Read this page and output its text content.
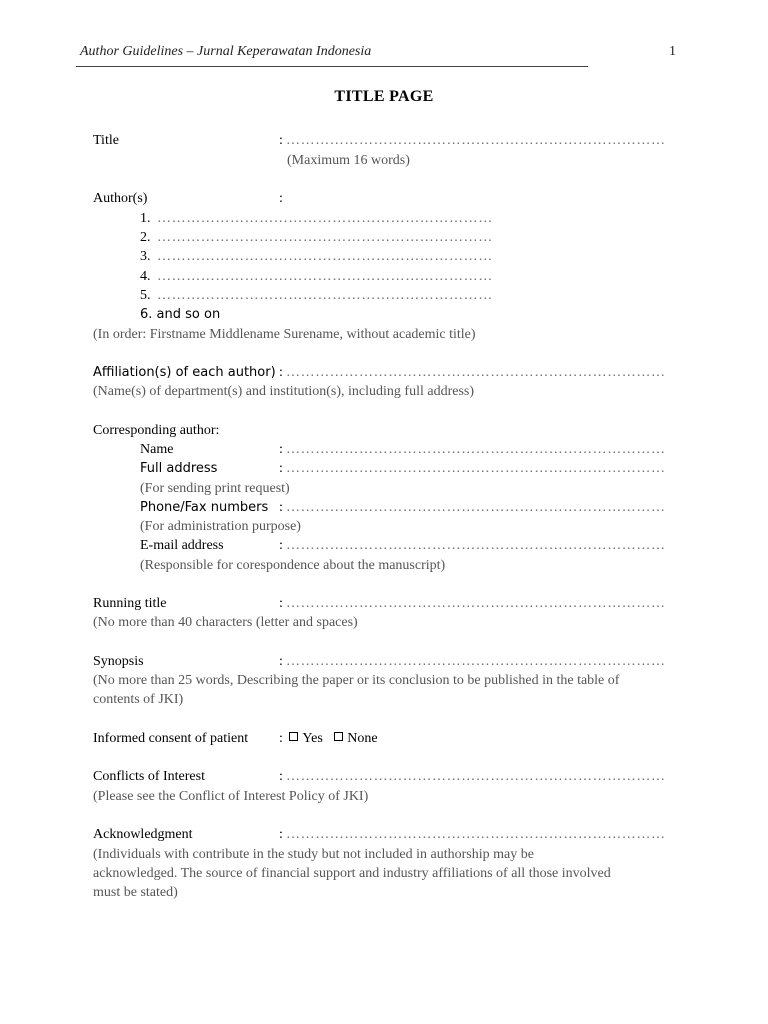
Author Guidelines – Jurnal Keperawatan Indonesia	1
TITLE PAGE
Title	: ……………………………………………………………………
(Maximum 16 words)
Author(s)	:
1. ……………………………………………………………
2. ……………………………………………………………
3. ……………………………………………………………
4. ……………………………………………………………
5. ……………………………………………………………
6. and so on
(In order: Firstname Middlename Surename, without academic title)
Affiliation(s) of each author) : ……………………………………………………………………
(Name(s) of department(s) and institution(s), including full address)
Corresponding author:
Name	: ……………………………………………………………………
Full address	: ……………………………………………………………………
(For sending print request)
Phone/Fax numbers : ……………………………………………………………………
(For administration purpose)
E-mail address	: ……………………………………………………………………
(Responsible for corespondence about the manuscript)
Running title	: ……………………………………………………………………
(No more than 40 characters (letter and spaces)
Synopsis	: ……………………………………………………………………
(No more than 25 words, Describing the paper or its conclusion to be published in the table of
contents of JKI)
Informed consent of patient : Yes None
Conflicts of Interest	: ……………………………………………………………………
(Please see the Conflict of Interest Policy of JKI)
Acknowledgment	: ……………………………………………………………………
(Individuals with contribute in the study but not included in authorship may be
acknowledged. The source of financial support and industry affiliations of all those involved
must be stated)
